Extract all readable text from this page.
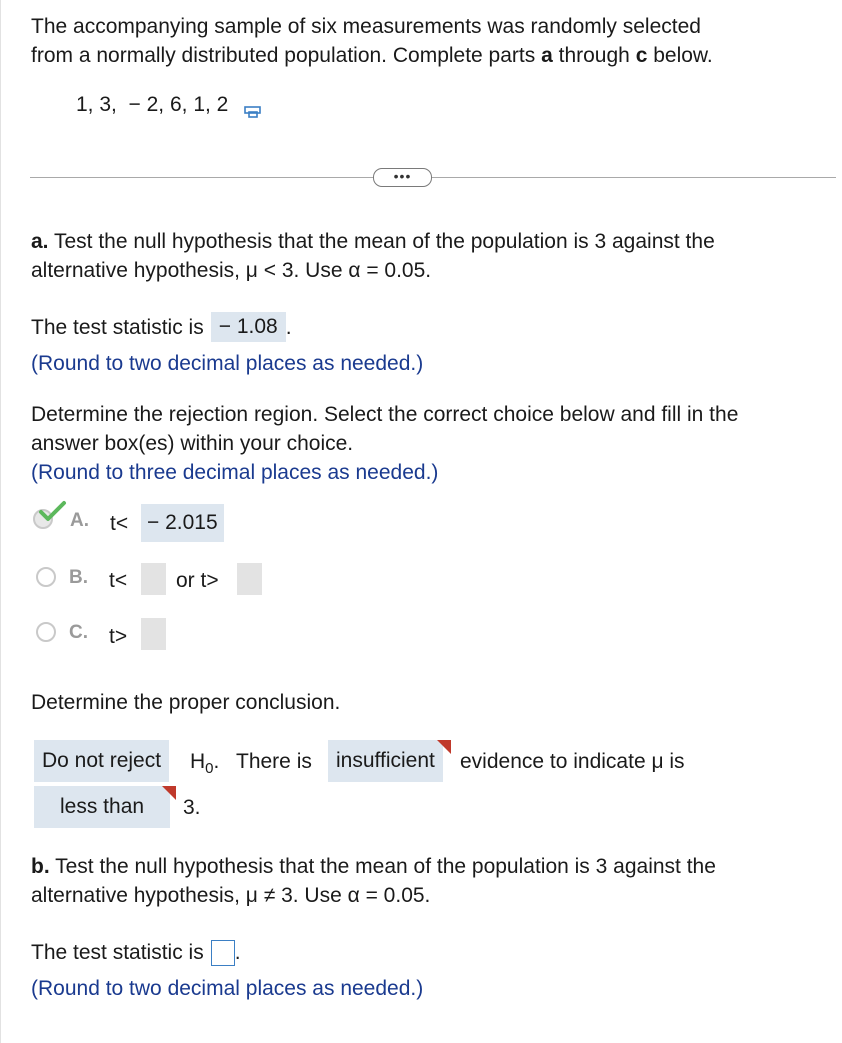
The accompanying sample of six measurements was randomly selected
from a normally distributed population. Complete parts a through c below.
1, 3,  − 2, 6, 1, 2
•••
a. Test the null hypothesis that the mean of the population is 3 against the
alternative hypothesis, μ < 3. Use α = 0.05.
The test statistic is − 1.08 .
(Round to two decimal places as needed.)
Determine the rejection region. Select the correct choice below and fill in the
answer box(es) within your choice.
(Round to three decimal places as needed.)
A. t< − 2.015
B. t< or t>
C. t>
Determine the proper conclusion.
Do not reject	$H_0$. There is	insufficient	evidence to indicate μ is
less than	3.
b. Test the null hypothesis that the mean of the population is 3 against the
alternative hypothesis, μ ≠ 3. Use α = 0.05.
The test statistic is .
(Round to two decimal places as needed.)
